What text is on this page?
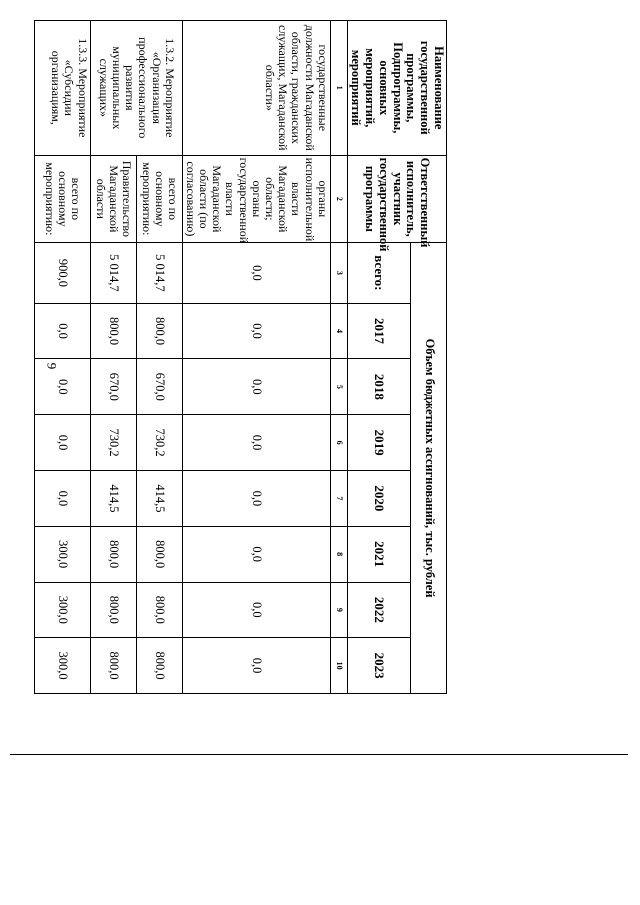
9
Наименование государственной программы, Подпрограммы, основных мероприятий, мероприятий	Ответственный исполнитель, участник государственной программы	Объем бюджетных ассигнований, тыс. рублей							
		всего:	2017	2018	2019	2020	2021	2022	2023
1	2	3	4	5	6	7	8	9	10
государственные должности Магаданской области, гражданских служащих, Магаданской области»	органы исполнительной власти Магаданской области; органы государственной власти Магаданской области (по согласованию)	0,0	0,0	0,0	0,0	0,0	0,0	0,0	0,0
1.3.2. Мероприятие «Организация профессионального развития муниципальных служащих»	всего по основному мероприятию:	5 014,7	800,0	670,0	730,2	414,5	800,0	800,0	800,0
	Правительство Магаданской области	5 014,7	800,0	670,0	730,2	414,5	800,0	800,0	800,0
1.3.3. Мероприятие «Субсидии организациям,	всего по основному мероприятию:	900,0	0,0	0,0	0,0	0,0	300,0	300,0	300,0
